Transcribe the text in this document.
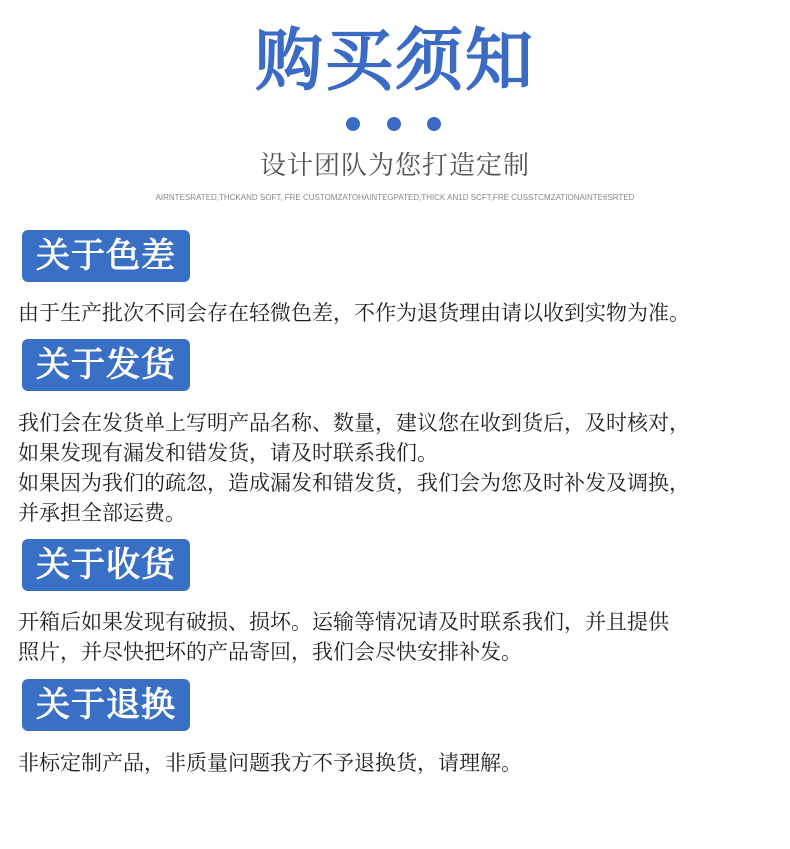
购买须知
设计团队为您打造定制
AIRNTESRATED,THCKAND SOFT, FRE CUSTOMZATOHAINTEGPATED,THICK AN1D SCFT,FRE CUSSTCMZATIONAINTE6SRTED
关于色差
由于生产批次不同会存在轻微色差，不作为退货理由请以收到实物为准。
关于发货
我们会在发货单上写明产品名称、数量，建议您在收到货后，及时核对，
如果发现有漏发和错发货，请及时联系我们。
如果因为我们的疏忽，造成漏发和错发货，我们会为您及时补发及调换，
并承担全部运费。
关于收货
开箱后如果发现有破损、损坏。运输等情况请及时联系我们，并且提供
照片，并尽快把坏的产品寄回，我们会尽快安排补发。
关于退换
非标定制产品，非质量问题我方不予退换货，请理解。
